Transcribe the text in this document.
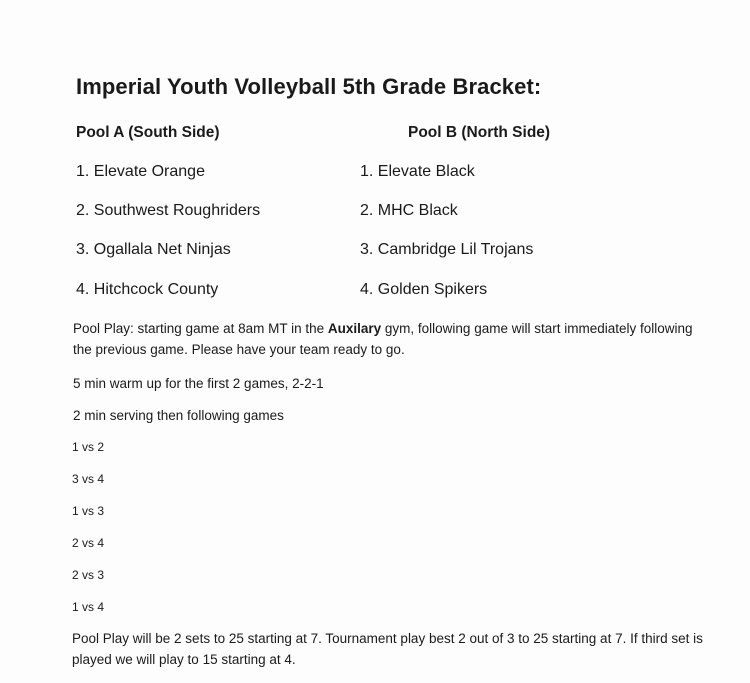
Imperial Youth Volleyball 5th Grade Bracket:
Pool A (South Side)	Pool B (North Side)
1. Elevate Orange
2. Southwest Roughriders
3. Ogallala Net Ninjas
4. Hitchcock County
1. Elevate Black
2. MHC Black
3. Cambridge Lil Trojans
4. Golden Spikers
Pool Play: starting game at 8am MT in the Auxilary gym, following game will start immediately following the previous game. Please have your team ready to go.
5 min warm up for the first 2 games, 2-2-1
2 min serving then following games
1 vs 2
3 vs 4
1 vs 3
2 vs 4
2 vs 3
1 vs 4
Pool Play will be 2 sets to 25 starting at 7. Tournament play best 2 out of 3 to 25 starting at 7. If third set is played we will play to 15 starting at 4.
